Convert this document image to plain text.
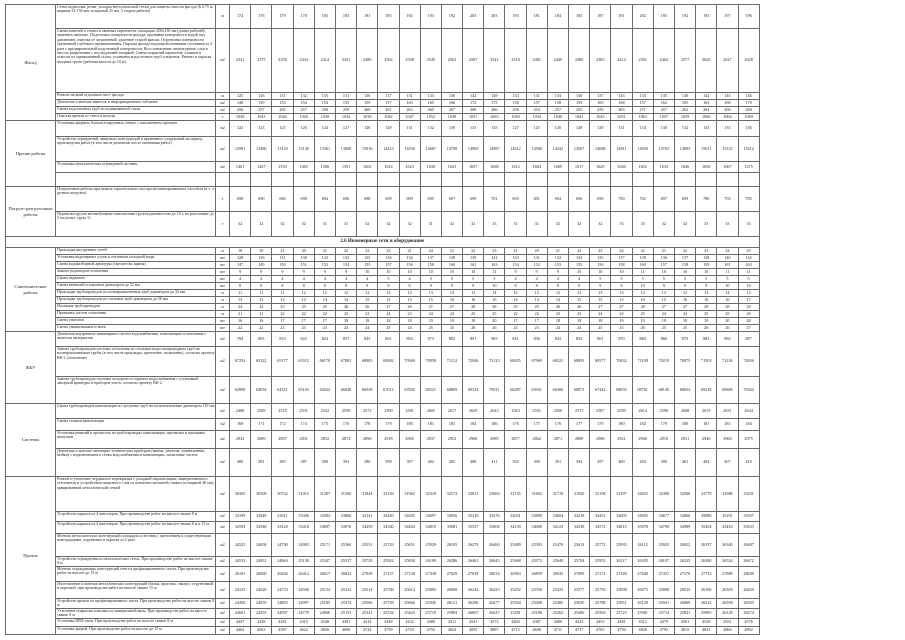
Фасад	Сетка подвесная, резка, укладка металлической сетки для защиты откосов фасада (h 2,75 м, ширина 23-150 мм, толщиной 25 мм, 5 сторон работы)	м	174	176	179	178	183	183	191	185	192	193	192	203	203	193	181	184	183	187	191	202	193	192	193	197	196

	Смена панелей и стекол в оконных переплетах площадью 200х150 мм (длина рабочей) заменить панелью. Подготовка поверхности фасада: промывка поверхности водой под давлением, очистка от загрязнений, удаление старой краски. Огрунтовка поверхности грунтовкой глубокого проникновения. Окраска фасада водоэмульсионными составами за 2 раза с предварительной подготовкой поверхности. Восстановление штукатурного слоя в местах разрушения с последующей затиркой. Смена покрытий парапетов, отливов и откосов из оцинкованной стали, установка водосточных труб и воронок. Ремонт и окраска входных групп (рабочая высота до 10 м).	м2	2321	2375	2358	2434	2414	2431	2480	2502	2508	2549	2563	2567	2541	2518	2481	2449	2480	2383	2414	2501	2462	2577	2620	2627	2628

	Ремонт мелкий отдельных мест фасада	м	125	126	131	132	135	131	136	137	131	133	136	142	149	133	131	134	136	137	143	133	135	140	142	145	146

	Демонтаж и монтаж вывесок и информационных табличек	м2	148	150	153	154	154	155	159	157	163	165	166	172	175	158	157	158	159	165	168	157	162	165	163	168	170

	Смена водосточных труб из оцинкованной стали	м2	256	257	256	257	258	259	260	261	263	265	267	268	266	256	254	257	255	259	263	271	257	262	264	266	268

	Очистка кровли от снега и наледи	т	1049	1043	1046	1026	1030	1034	1038	1042	1047	1052	1049	1057	1063	1039	1034	1040	1041	1045	1051	1063	1057	1059	1060	1064	1069
Прочие работы	Установка дверных блоков в наружных стенах с заполнением проемов	м2	122	123	125	126	124	127	128	129	131	132	130	133	135	127	125	126	128	129	131	134	130	132	133	135	136

	Устройство ограждений, защитных конструкций и временных сооружений на период производства работ (в том числе демонтаж после окончания работ)	м2	12991	13480	13120	13130	13361	13600	13916	14413	14356	14667	14798	14903	14987	14612	14506	14432	14567	14688	14811	14920	14763	14893	15011	15123	15212

	Установка металлических ограждений лестниц	м2	1461	1467	1533	1465	1580	1591	1602	1614	1623	1638	1641	1657	1668	1612	1604	1609	1617	1629	1640	1652	1633	1646	1658	1667	1675

Погрузо-разгрузочные работы	Погрузочные работы при вывозе строительного мусора механизированным способом (в т. ч. ручная погрузка)	т	698	690	696	690	694	696	698	699	699	695	697	699	701	693	691	694	696	698	700	702	697	699	700	703	705

	Перевозка грузов автомобилями-самосвалами грузоподъемностью до 10 т, на расстояние до 5 км (класс груза 1)	т	32	32	32	32	31	31	32	32	32	31	32	32	33	31	31	32	32	32	33	33	32	32	33	33	33
2.6 Инженерные сети и оборудование																											
Сантехнические работы	Прокладка внутренних сетей	м	18	19	21	20	21	22	22	23	21	24	21	22	23	21	20	21	22	23	24	22	21	22	23	24	25

	Установка водомерных узлов и счетчиков холодной воды	шт	128	129	131	130	132	133	135	136	134	137	138	139	141	133	131	132	134	135	137	139	136	137	138	140	142

	Смена водоразборной арматуры (смесители, краны)	шт	147	149	150	151	152	154	155	157	156	158	160	161	163	154	152	153	155	156	158	160	157	158	159	161	163

	Замена радиаторов отопления	шт	9	9	9	9	9	9	10	10	10	10	10	10	11	9	9	9	10	10	10	11	10	10	10	11	11

	Смена задвижек	шт	4	4	4	4	4	4	4	5	4	5	5	5	5	4	4	4	4	5	5	5	5	5	5	5	5

	Смена вентилей и клапанов диаметром до 32 мм	шт	8	8	8	8	8	8	9	9	9	9	9	9	10	8	8	8	9	9	9	10	9	9	9	10	10

	Прокладка трубопроводов из полипропиленовых труб диаметром до 32 мм	м	11	11	11	12	12	12	12	13	12	13	13	13	14	12	12	12	12	13	13	14	13	13	13	14	14

	Прокладка трубопроводов из стальных труб диаметром до 50 мм	м	13	13	14	14	14	14	15	15	15	15	16	16	16	14	14	14	15	15	15	16	15	16	16	16	17

	Изоляция трубопроводов	м	24	24	25	25	25	26	26	27	26	27	27	28	28	25	25	26	26	27	27	28	27	27	28	28	29

	Промывка систем отопления	м	21	21	22	22	22	23	23	24	23	24	24	25	25	22	22	23	23	24	24	25	24	24	25	25	26

	Смена унитазов	шт	16	16	17	17	17	18	18	18	18	19	19	19	20	17	17	18	18	18	19	19	19	19	19	20	20

	Смена умывальников и моек	шт	22	22	23	23	23	24	24	25	24	25	25	26	26	23	23	24	24	25	25	26	25	25	26	26	27
ЖБУ	Демонтаж внутренних инженерных систем водоснабжения, канализации и отопления с выносом материалов	м2	784	803	813	822	824	837	845	861	854	873	882	891	905	841	836	843	852	861	870	884	866	875	883	892	897

	Замена трубопроводов системы отопления из стальных водогазопроводных труб на полипропиленовые трубы (в том числе прокладка, крепление, испытание), согласно проекту ВК-1 (отопление)	м2	67254	65322	65177	65515	66178	67803	68905	69682	70369	70958	71212	72046	73123	68455	67969	68321	68893	69577	70432	71108	70219	70875	71503	72126	72656

	Замена трубопроводов системы холодного и горячего водоснабжения с установкой запорной арматуры и приборов учета, согласно проекту ВК-2	м2	62898	64054	64351	65103	65622	66040	66538	67012	67845	68221	68809	69354	70011	66287	65941	66306	66873	67442	68035	68761	68120	68654	69218	69806	70362
Системы	Смена трубопроводов канализации из чугунных труб на полиэтиленовые диаметром 110 мм	м2	2488	2509	2519	2531	2542	2559	2572	2590	2581	2605	2617	2629	2643	2563	2551	2560	2573	2587	2599	2614	2596	2608	2619	2631	2644

	Смена стояков канализации	м2	169	171	172	174	175	176	178	179	180	181	183	184	186	176	175	176	177	179	180	182	179	180	181	183	184

	Установка ревизий и прочисток на трубопроводах канализации, прочистка и промывка выпусков	м2	2932	2809	2807	2831	2852	2874	2896	2918	2905	2937	2952	2968	2985	2877	2862	2871	2889	2906	2921	2940	2918	2931	2946	2960	2975

	Демонтаж и монтаж санитарно-технических приборов (ванны, унитазы, умывальники, мойки) с подключением к сетям водоснабжения и канализации, испытание систем	м2	480	381	383	387	390	393	396	399	397	402	405	408	411	392	390	391	394	397	400	404	399	401	404	407	410
Прочие	Ремонт и утепление чердачного перекрытия с укладкой пароизоляции, минераловатного утеплителя и устройством защитного слоя из цементно-песчаной стяжки (толщиной 40 мм), армированной металлической сеткой	м2	30305	30509	30732	31015	31287	31560	31844	32103	31962	32318	32574	32811	33060	31745	31602	31719	31930	32158	32397	32655	32380	32566	32779	32986	33201

	Устройство каркаса из 4 швеллеров. При производстве работ на высоте свыше 8 м	м2	32199	32849	33011	33306	33582	33860	34141	34420	34285	34697	34956	35210	35476	34031	33890	34004	34218	34451	34693	34955	34677	34866	35080	35291	35507

	Устройство каркаса из 4 швеллеров. При производстве работ на высоте свыше 8 м и 15 м	м2	32594	32948	33120	33418	33697	33976	34259	34540	34404	34819	35081	35337	35604	34150	34008	34123	34338	34572	34815	35078	34799	34989	35204	35416	35633

	Монтаж металлических конструкций площадок и лестниц с креплением к существующим конструкциям, огрунтовка и окраска за 2 раза	м2	24525	24658	24790	24983	25171	25360	25551	25743	25651	25929	26105	26279	26460	25489	25393	25470	25614	25772	25935	26112	25925	26052	26197	26340	26487

	Устройство ограждения из металлических сеток. При производстве работ на высоте свыше 8 м	м2	24533	24831	24964	25158	25347	25537	25729	25922	25830	26109	26286	26461	26643	25668	25572	25649	25794	25953	26117	26295	26107	26235	26380	26524	26672

	Монтаж ограждающих конструкций стен из профилированного листа. При производстве работ на высоте до 15 м	м2	26103	26060	26206	26414	26617	26822	27029	27237	27138	27438	27629	27818	28014	26963	26859	26943	27099	27271	27448	27640	27437	27576	27733	27889	28049

	Изготовление и монтаж металлических конструкций (балки, прогоны, связи) с огрунтовкой и окраской, при производстве работ на высоте свыше 15 м	м2	24125	24620	24753	24946	25134	25323	25514	25706	25614	25892	26068	26242	26423	25452	25356	25433	25577	25735	25898	26075	25888	26015	26160	26303	26450

	Устройство кровли из профилированного листа. При производстве работ на высоте свыше 8 м	м2	24450	24670	24803	24997	25185	25374	25566	25758	25666	25945	26121	26296	26477	25504	25408	25485	25630	25788	25951	26129	25941	26069	26214	26358	26505

	Утепление покрытия плитами из минеральной ваты. При производстве работ на высоте свыше 8 м	м2	24601	24455	24587	24779	24966	25153	25343	25534	25443	25719	25894	26067	26247	25281	25186	25262	25406	25563	25725	25901	25714	25841	25985	26128	26274

	Установка ПВХ-окон. При производстве работ на высоте свыше 8 м	м2	4447	4258	4281	4315	4348	4381	4414	4448	4432	4480	4511	4541	4572	4404	4387	4400	4425	4453	4481	4512	4479	4501	4526	4551	4576

	Установка дверей. При производстве работ на высоте до 15 м	м2	4462	4563	4587	4622	4656	4690	4724	4759	4743	4792	4824	4855	4887	4715	4698	4711	4737	4765	4794	4826	4792	4815	4841	4866	4892
